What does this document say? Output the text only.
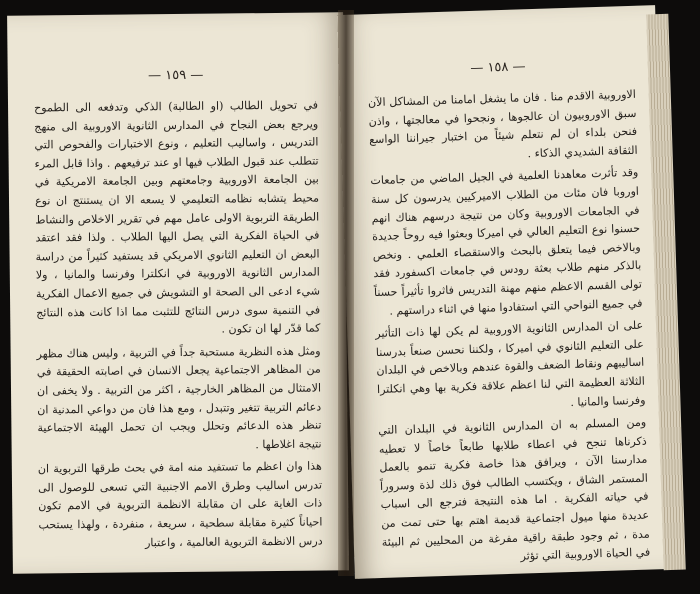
— ١٥٩ —

في تحويل الطالب (او الطالبة) الذكي وتدفعه الى الطموح ويرجع بعض النجاح في المدارس الثانوية الاوروبية الى منهج التدريس ، واساليب التعليم ، ونوع الاختبارات والفحوص التي تتطلب عند قبول الطلاب فيها او عند ترفيعهم . واذا قابل المرء بين الجامعة الاوروبية وجامعتهم وبين الجامعة الامريكية في محيط يتشابه نظامه التعليمي لا يسعه الا ان يستنتج ان نوع الطريقة التربوية الاولى عامل مهم في تقرير الاخلاص والنشاط في الحياة الفكرية التي يصل اليها الطلاب . ولذا فقد اعتقد البعض ان التعليم الثانوي الامريكي قد يستفيد كثيراً من دراسة المدارس الثانوية الاوروبية في انكلترا وفرنسا والمانيا ، ولا شيء ادعى الى الصحة او التشويش في جميع الاعمال الفكرية في التنمية سوى درس النتائج للتثبت مما اذا كانت هذه النتائج كما قدّر لها ان تكون .

ومثل هذه النظرية مستحبة جداً في التربية ، وليس هناك مظهر من المظاهر الاجتماعية يجعل الانسان في اصابته الحقيقة في الامتثال من المظاهر الخارجية ، اكثر من التربية . ولا يخفى ان دعائم التربية تتغير وتتبدل ، ومع هذا فان من دواعي المدنية ان تنظر هذه الدعائم وتحلل ويجب ان تحمل الهيئة الاجتماعية نتيجة اغلاطها .

هذا وان اعظم ما تستفيد منه امة في بحث طرقها التربوية ان تدرس اساليب وطرق الامم الاجنبية التي تسعى للوصول الى ذات الغاية على ان مقابلة الانظمة التربوية في الامم تكون احياناً كثيرة مقابلة سطحية ، سريعة ، منفردة ، ولهذا يستحب درس الانظمة التربوية العالمية ، واعتبار

— ١٥٨ —

الاوروبية الاقدم منا . فان ما يشغل امامنا من المشاكل الآن سبق الاوروبيون ان عالجوها ، ونجحوا في معالجتها ، واذن فنحن بلداء ان لم نتعلم شيئاً من اختبار جيراننا الواسع الثقافة الشديدي الذكاء .

وقد تأثرت معاهدنا العلمية في الجيل الماضي من جامعات اوروبا فان مئات من الطلاب الاميركيين يدرسون كل سنة في الجامعات الاوروبية وكان من نتيجة درسهم هناك انهم حسنوا نوع التعليم العالي في اميركا وبعثوا فيه روحاً جديدة وبالاخص فيما يتعلق بالبحث والاستقصاء العلمي . ونخص بالذكر منهم طلاب بعثة رودس في جامعات اكسفورد فقد تولى القسم الاعظم منهم مهنة التدريس فاثروا تأثيراً حسناً في جميع النواحي التي استفادوا منها في اثناء دراستهم .

على ان المدارس الثانوية الاوروبية لم يكن لها ذات التأثير على التعليم الثانوي في اميركا ، ولكننا نحسن صنعاً بدرسنا اساليبهم ونقاط الضعف والقوة عندهم وبالاخص في البلدان الثلاثة العظيمة التي لنا اعظم علاقة فكرية بها وهي انكلترا وفرنسا والمانيا .

ومن المسلم به ان المدارس الثانوية في البلدان التي ذكرناها تنجح في اعطاء طلابها طابعاً خاصاً لا تعطيه مدارسنا الآن ، ويرافق هذا خاصة فكرية تنمو بالعمل المستمر الشاق ، ويكتسب الطالب فوق ذلك لذة وسروراً في حياته الفكرية . اما هذه النتيجة فترجع الى اسباب عديدة منها ميول اجتماعية قديمة اهتم بها حتى تمت من مدة ، ثم وجود طبقة راقية مفرغة من المحليين ثم البيئة في الحياة الاوروبية التي تؤثر
